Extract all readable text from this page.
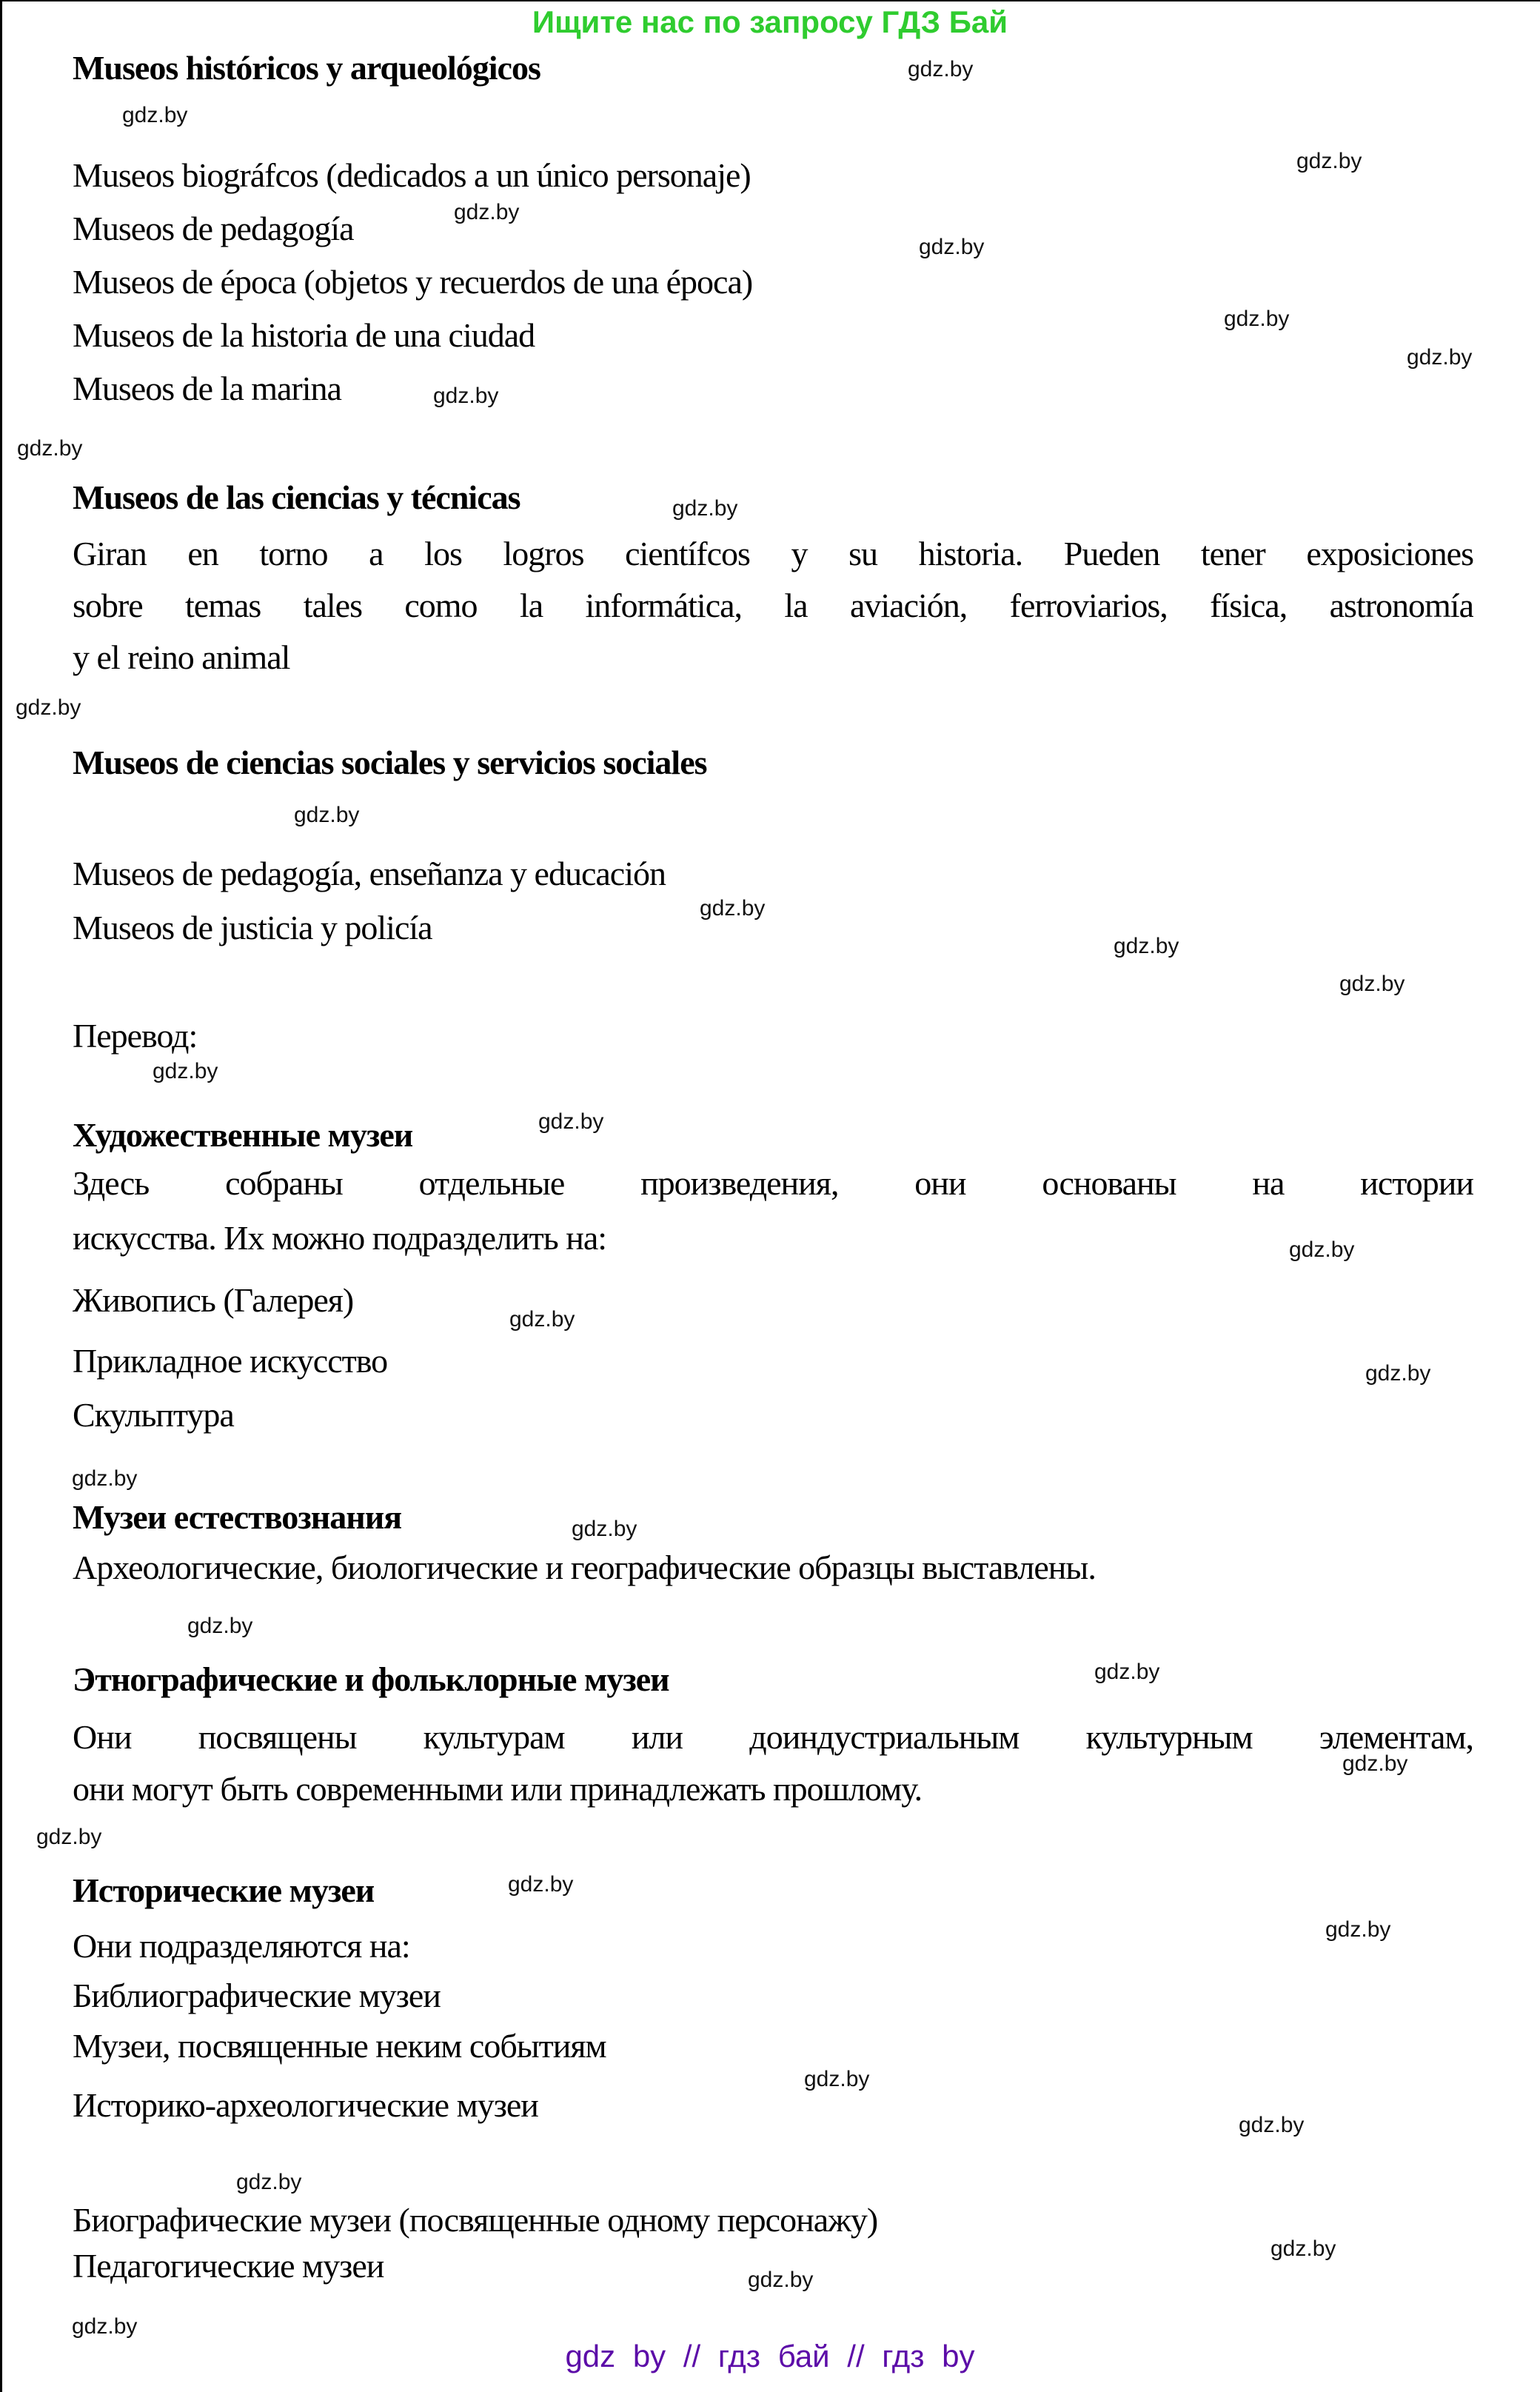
Ищите нас по запросу ГДЗ Бай
Museos históricos y arqueológicos
Museos biográfcos (dedicados a un único personaje)
Museos de pedagogía
Museos de época (objetos y recuerdos de una época)
Museos de la historia de una ciudad
Museos de la marina
Museos de las ciencias y técnicas
Giran en torno a los logros científcos y su historia. Pueden tener exposiciones
sobre temas tales como la informática, la aviación, ferroviarios, física, astronomía
y el reino animal
Museos de ciencias sociales y servicios sociales
Museos de pedagogía, enseñanza y educación
Museos de justicia y policía
Перевод:
Художественные музеи
Здесь собраны отдельные произведения, они основаны на истории
искусства. Их можно подразделить на:
Живопись (Галерея)
Прикладное искусство
Скульптура
Музеи естествознания
Археологические, биологические и географические образцы выставлены.
Этнографические и фольклорные музеи
Они посвящены культурам или доиндустриальным культурным элементам,
они могут быть современными или принадлежать прошлому.
Исторические музеи
Они подразделяются на:
Библиографические музеи
Музеи, посвященные неким событиям
Историко-археологические музеи
Биографические музеи (посвященные одному персонажу)
Педагогические музеи
gdz by // гдз бай // гдз by
gdz.by
gdz.by
gdz.by
gdz.by
gdz.by
gdz.by
gdz.by
gdz.by
gdz.by
gdz.by
gdz.by
gdz.by
gdz.by
gdz.by
gdz.by
gdz.by
gdz.by
gdz.by
gdz.by
gdz.by
gdz.by
gdz.by
gdz.by
gdz.by
gdz.by
gdz.by
gdz.by
gdz.by
gdz.by
gdz.by
gdz.by
gdz.by
gdz.by
gdz.by
